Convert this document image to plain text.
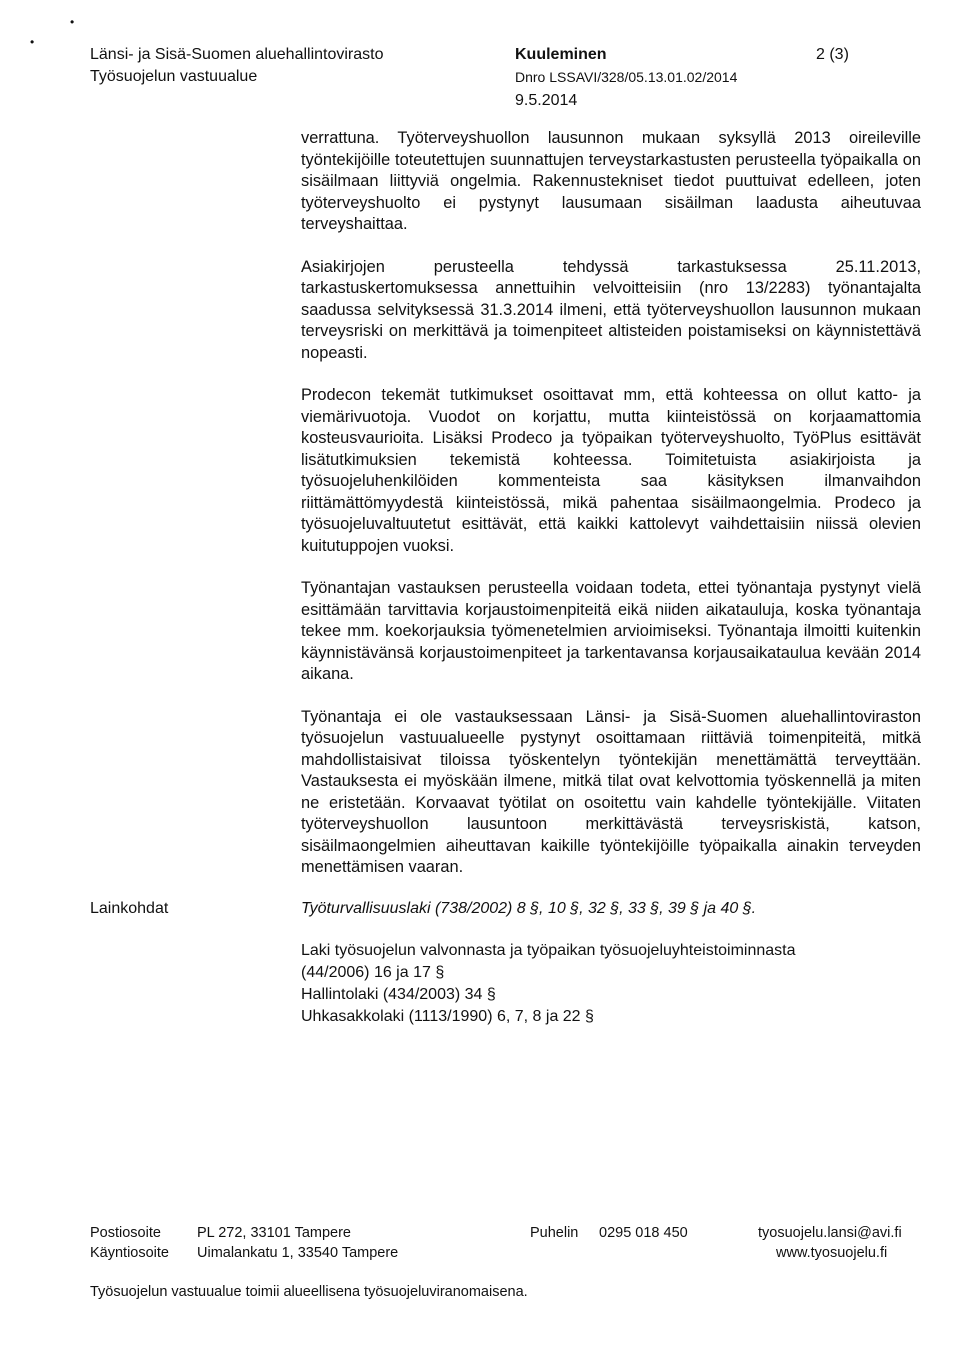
•
•
Länsi- ja Sisä-Suomen aluehallintovirasto
Työsuojelun vastuualue
Kuuleminen
Dnro LSSAVI/328/05.13.01.02/2014
9.5.2014
2 (3)

verrattuna. Työterveyshuollon lausunnon mukaan syksyllä 2013 oireileville työntekijöille toteutettujen suunnattujen terveystarkastusten perusteella työpaikalla on sisäilmaan liittyviä ongelmia. Rakennustekniset tiedot puuttuivat edelleen, joten työterveyshuolto ei pystynyt lausumaan sisäilman laadusta aiheutuvaa terveyshaittaa.

Asiakirjojen perusteella tehdyssä tarkastuksessa 25.11.2013, tarkastuskertomuksessa annettuihin velvoitteisiin (nro 13/2283) työnantajalta saadussa selvityksessä 31.3.2014 ilmeni, että työterveyshuollon lausunnon mukaan terveysriski on merkittävä ja toimenpiteet altisteiden poistamiseksi on käynnistettävä nopeasti.

Prodecon tekemät tutkimukset osoittavat mm, että kohteessa on ollut katto- ja viemärivuotoja. Vuodot on korjattu, mutta kiinteistössä on korjaamattomia kosteusvaurioita. Lisäksi Prodeco ja työpaikan työterveyshuolto, TyöPlus esittävät lisätutkimuksien tekemistä kohteessa. Toimitetuista asiakirjoista ja työsuojeluhenkilöiden kommenteista saa käsityksen ilmanvaihdon riittämättömyydestä kiinteistössä, mikä pahentaa sisäilmaongelmia. Prodeco ja työsuojeluvaltuutetut esittävät, että kaikki kattolevyt vaihdettaisiin niissä olevien kuitutuppojen vuoksi.

Työnantajan vastauksen perusteella voidaan todeta, ettei työnantaja pystynyt vielä esittämään tarvittavia korjaustoimenpiteitä eikä niiden aikatauluja, koska työnantaja tekee mm. koekorjauksia työmenetelmien arvioimiseksi. Työnantaja ilmoitti kuitenkin käynnistävänsä korjaustoimenpiteet ja tarkentavansa korjausaikataulua kevään 2014 aikana.

Työnantaja ei ole vastauksessaan Länsi- ja Sisä-Suomen aluehallintoviraston työsuojelun vastuualueelle pystynyt osoittamaan riittäviä toimenpiteitä, mitkä mahdollistaisivat tiloissa työskentelyn työntekijän menettämättä terveyttään. Vastauksesta ei myöskään ilmene, mitkä tilat ovat kelvottomia työskennellä ja miten ne eristetään. Korvaavat työtilat on osoitettu vain kahdelle työntekijälle. Viitaten työterveyshuollon lausuntoon merkittävästä terveysriskistä, katson, sisäilmaongelmien aiheuttavan kaikille työntekijöille työpaikalla ainakin terveyden menettämisen vaaran.

Lainkohdat	Työturvallisuuslaki (738/2002) 8 §, 10 §, 32 §, 33 §, 39 § ja 40 §.
Laki työsuojelun valvonnasta ja työpaikan työsuojeluyhteistoiminnasta
(44/2006) 16 ja 17 §
Hallintolaki (434/2003) 34 §
Uhkasakkolaki (1113/1990) 6, 7, 8 ja 22 §
Postiosoite PL 272, 33101 Tampere
Käyntiosoite Uimalankatu 1, 33540 Tampere
Puhelin 0295 018 450	tyosuojelu.lansi@avi.fi
www.tyosuojelu.fi
Työsuojelun vastuualue toimii alueellisena työsuojeluviranomaisena.
